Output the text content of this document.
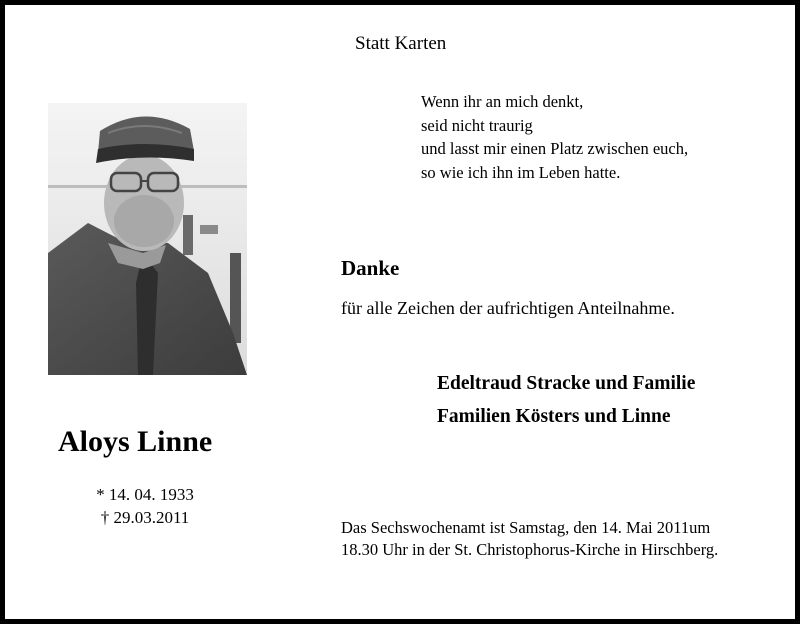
Statt Karten
Wenn ihr an mich denkt,
seid nicht traurig
und lasst mir einen Platz zwischen euch,
so wie ich ihn im Leben hatte.
Danke
für alle Zeichen der aufrichtigen Anteilnahme.
Edeltraud Stracke und Familie
Familien Kösters und Linne
Aloys Linne
* 14. 04. 1933
† 29.03.2011
Das Sechswochenamt ist Samstag, den 14. Mai 2011um
18.30 Uhr in der St. Christophorus-Kirche in Hirschberg.
